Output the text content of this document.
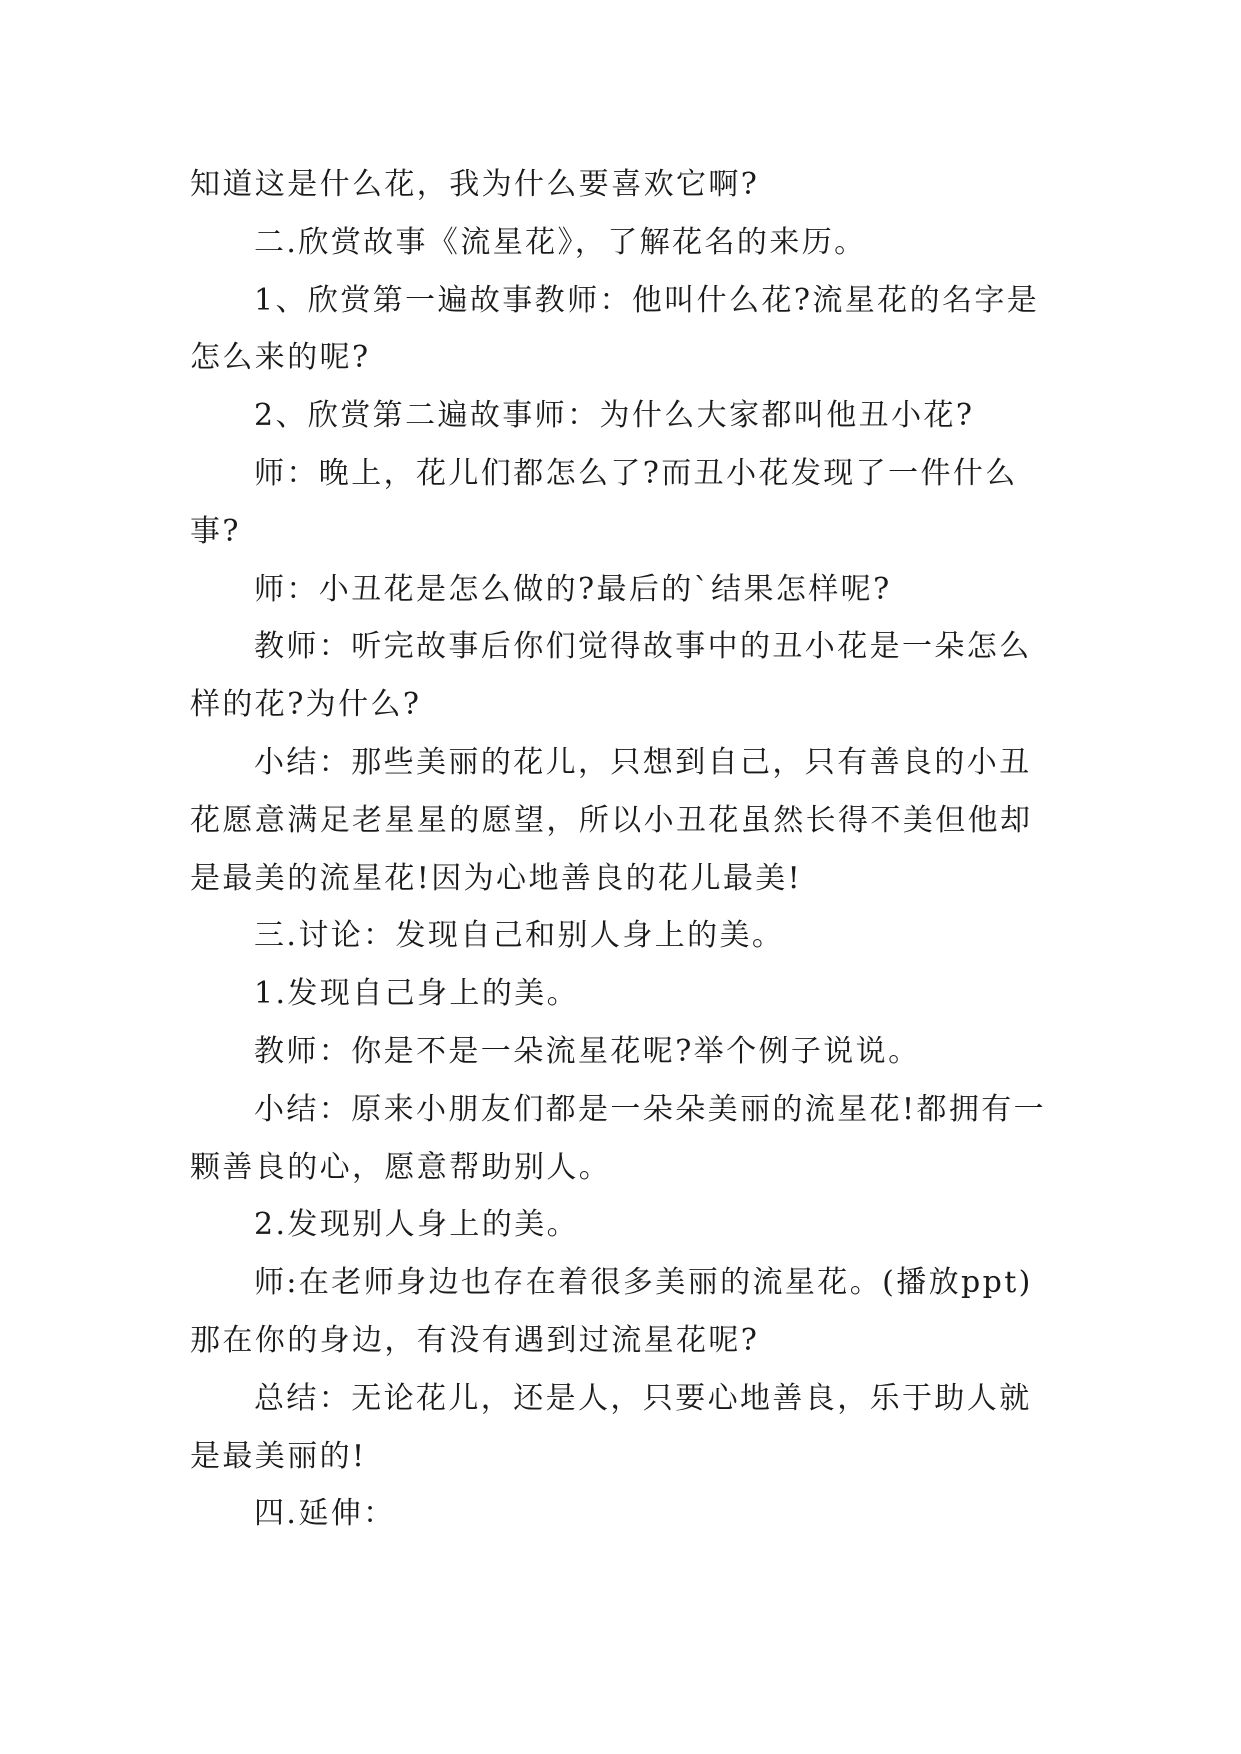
知道这是什么花，我为什么要喜欢它啊?

二.欣赏故事《流星花》，了解花名的来历。

1、欣赏第一遍故事教师：他叫什么花?流星花的名字是怎么来的呢?

2、欣赏第二遍故事师：为什么大家都叫他丑小花?

师：晚上，花儿们都怎么了?而丑小花发现了一件什么事?

师：小丑花是怎么做的?最后的`结果怎样呢?

教师：听完故事后你们觉得故事中的丑小花是一朵怎么样的花?为什么?

小结：那些美丽的花儿，只想到自己，只有善良的小丑花愿意满足老星星的愿望，所以小丑花虽然长得不美但他却是最美的流星花!因为心地善良的花儿最美!

三.讨论：发现自己和别人身上的美。

1.发现自己身上的美。

教师：你是不是一朵流星花呢?举个例子说说。

小结：原来小朋友们都是一朵朵美丽的流星花!都拥有一颗善良的心，愿意帮助别人。

2.发现别人身上的美。

师:在老师身边也存在着很多美丽的流星花。(播放ppt)那在你的身边，有没有遇到过流星花呢?

总结：无论花儿，还是人，只要心地善良，乐于助人就是最美丽的!

四.延伸：
